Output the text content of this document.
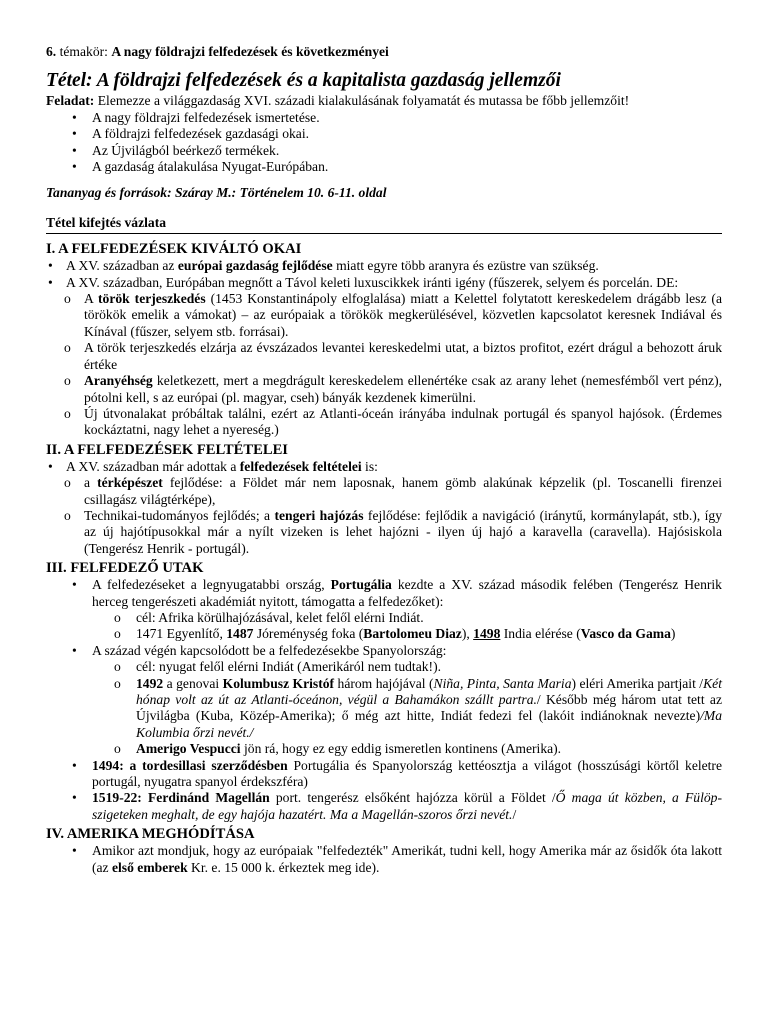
6. témakör: A nagy földrajzi felfedezések és következményei

Tétel: A földrajzi felfedezések és a kapitalista gazdaság jellemzői

Feladat: Elemezze a világgazdaság XVI. századi kialakulásának folyamatát és mutassa be főbb jellemzőit!

• A nagy földrajzi felfedezések ismertetése.
• A földrajzi felfedezések gazdasági okai.
• Az Újvilágból beérkező termékek.
• A gazdaság átalakulása Nyugat-Európában.

Tananyag és források: Száray M.: Történelem 10. 6-11. oldal

Tétel kifejtés vázlata

I. A FELFEDEZÉSEK KIVÁLTÓ OKAI
• A XV. században az európai gazdaság fejlődése miatt egyre több aranyra és ezüstre van szükség.
• A XV. században, Európában megnőtt a Távol keleti luxuscikkek iránti igény (fűszerek, selyem és porcelán. DE:
o A török terjeszkedés (1453 Konstantinápoly elfoglalása) miatt a Kelettel folytatott kereskedelem drágább lesz (a törökök emelik a vámokat) – az európaiak a törökök megkerülésével, közvetlen kapcsolatot keresnek Indiával és Kínával (fűszer, selyem stb. forrásai).
o A török terjeszkedés elzárja az évszázados levantei kereskedelmi utat, a biztos profitot, ezért drágul a behozott áruk értéke
o Aranyéhség keletkezett, mert a megdrágult kereskedelem ellenértéke csak az arany lehet (nemesfémből vert pénz), pótolni kell, s az európai (pl. magyar, cseh) bányák kezdenek kimerülni.
o Új útvonalakat próbáltak találni, ezért az Atlanti-óceán irányába indulnak portugál és spanyol hajósok. (Érdemes kockáztatni, nagy lehet a nyereség.)
II. A FELFEDEZÉSEK FELTÉTELEI
• A XV. században már adottak a felfedezések feltételei is:
o a térképészet fejlődése: a Földet már nem laposnak, hanem gömb alakúnak képzelik (pl. Toscanelli firenzei csillagász világtérképe),
o Technikai-tudományos fejlődés; a tengeri hajózás fejlődése: fejlődik a navigáció (iránytű, kormánylapát, stb.), így az új hajótípusokkal már a nyílt vizeken is lehet hajózni - ilyen új hajó a karavella (caravella). Hajósiskola (Tengerész Henrik - portugál).
III. FELFEDEZŐ UTAK
• A felfedezéseket a legnyugatabbi ország, Portugália kezdte a XV. század második felében (Tengerész Henrik herceg tengerészeti akadémiát nyitott, támogatta a felfedezőket):
o cél: Afrika körülhajózásával, kelet felől elérni Indiát.
o 1471 Egyenlítő, 1487 Jóreménység foka (Bartolomeu Diaz), 1498 India elérése (Vasco da Gama)
• A század végén kapcsolódott be a felfedezésekbe Spanyolország:
o cél: nyugat felől elérni Indiát (Amerikáról nem tudtak!).
o 1492 a genovai Kolumbusz Kristóf három hajójával (Niña, Pinta, Santa Maria) eléri Amerika partjait /Két hónap volt az út az Atlanti-óceánon, végül a Bahamákon szállt partra./ Később még három utat tett az Újvilágba (Kuba, Közép-Amerika); ő még azt hitte, Indiát fedezi fel (lakóit indiánoknak nevezte)/Ma Kolumbia őrzi nevét./
o Amerigo Vespucci jön rá, hogy ez egy eddig ismeretlen kontinens (Amerika).
• 1494: a tordesillasi szerződésben Portugália és Spanyolország kettéosztja a világot (hosszúsági körtől keletre portugál, nyugatra spanyol érdekszféra)
• 1519-22: Ferdinánd Magellán port. tengerész elsőként hajózza körül a Földet /Ő maga út közben, a Fülöp-szigeteken meghalt, de egy hajója hazatért. Ma a Magellán-szoros őrzi nevét./
IV. AMERIKA MEGHÓDÍTÁSA
• Amikor azt mondjuk, hogy az európaiak "felfedezték" Amerikát, tudni kell, hogy Amerika már az ősidők óta lakott (az első emberek Kr. e. 15 000 k. érkeztek meg ide).
